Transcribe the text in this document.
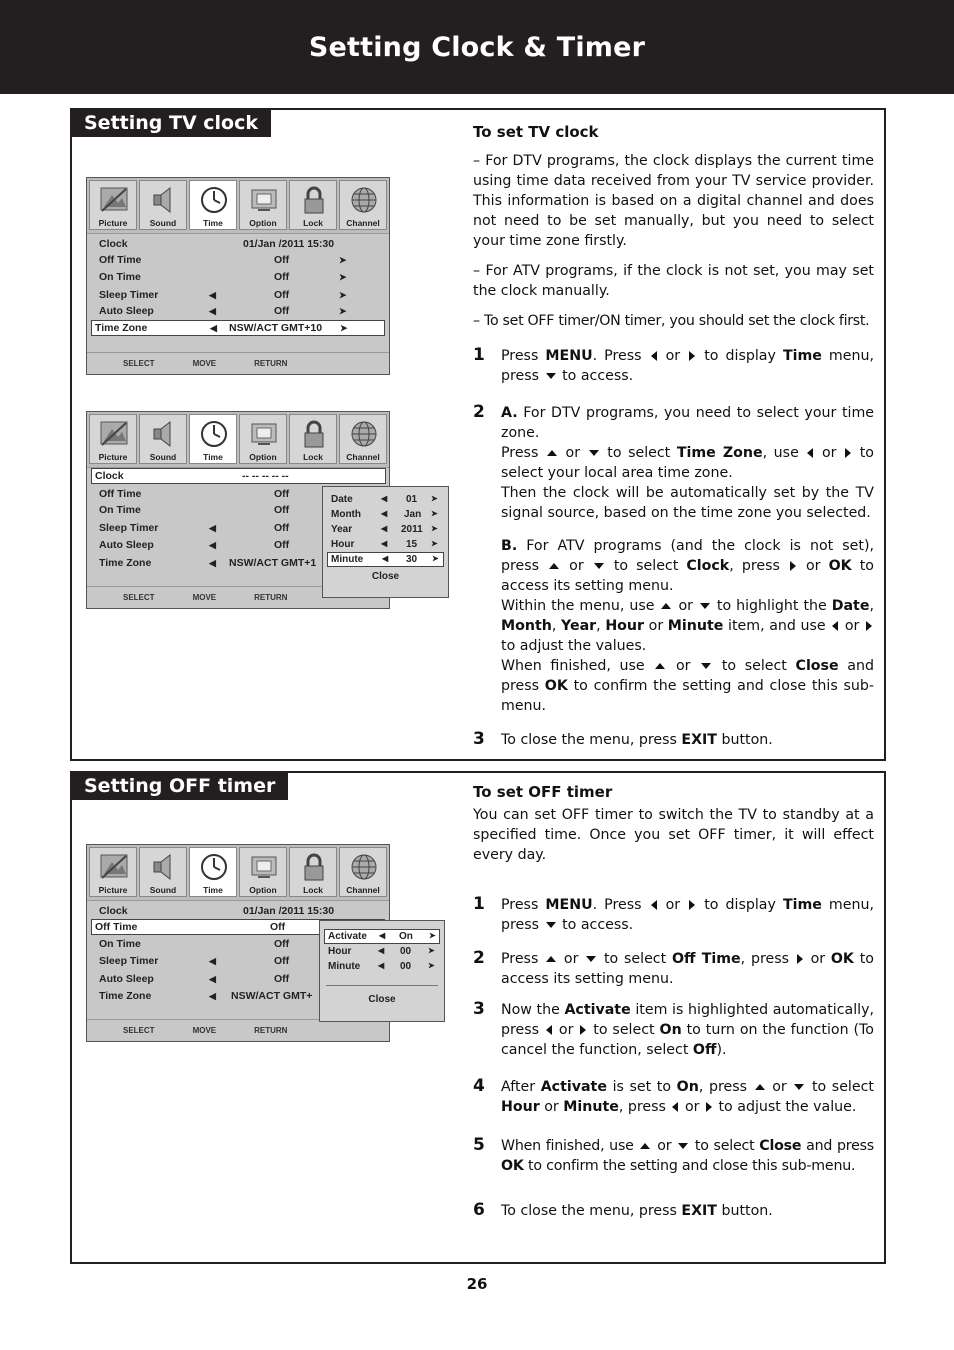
Setting Clock & Timer
Setting TV clock
Picture	Sound	Time	Option	Lock	Channel
Clock	01/Jan /2011 15:30
Off Time	Off	➤
On Time	Off	➤
Sleep Timer	◀	Off	➤
Auto Sleep	◀	Off	➤
Time Zone	◀ NSW/ACT GMT+10 ➤
SELECT	MOVE	RETURN
Picture	Sound	Time	Option	Lock	Channel
Clock	-- -- -- -- --
Off Time	Off
On Time	Off
Sleep Timer	◀	Off
Auto Sleep	◀	Off
Time Zone	◀ NSW/ACT GMT+1
SELECT	MOVE	RETURN
Date	◀ 01 ➤
Month	◀ Jan ➤
Year	◀ 2011 ➤
Hour	◀ 15 ➤
Minute ◀ 30 ➤
Close
To set TV clock
– For DTV programs, the clock displays the current time using time data received from your TV service provider. This information is based on a digital channel and does not need to be set manually, but you need to select your time zone firstly.
– For ATV programs, if the clock is not set, you may set the clock manually.
– To set OFF timer/ON timer, you should set the clock first.
1 Press MENU. Press  or  to display Time menu, press  to access.
2 A. For DTV programs, you need to select your time zone.
Press  or  to select Time Zone, use  or  to select your local area time zone.
Then the clock will be automatically set by the TV signal source, based on the time zone you selected.
B. For ATV programs (and the clock is not set), press  or  to select Clock, press  or OK to access its setting menu.
Within the menu, use  or  to highlight the Date, Month, Year, Hour or Minute item, and use  or  to adjust the values.
When finished, use  or  to select Close and press OK to confirm the setting and close this sub-menu.
3 To close the menu, press EXIT button.
Setting OFF timer
Picture	Sound	Time	Option	Lock	Channel
Clock	01/Jan /2011 15:30
Off Time	Off
On Time	Off
Sleep Timer	◀	Off
Auto Sleep	◀	Off
Time Zone	◀ NSW/ACT GMT+
SELECT	MOVE	RETURN
Activate ◀ On ➤
Hour	◀ 00 ➤
Minute ◀ 00 ➤
Close
To set OFF timer
You can set OFF timer to switch the TV to standby at a specified time. Once you set OFF timer, it will effect every day.
1 Press MENU. Press  or  to display Time menu, press  to access.
2 Press  or  to select Off Time, press  or OK to access its setting menu.
3 Now the Activate item is highlighted automatically, press  or  to select On to turn on the function (To cancel the function, select Off).
4 After Activate is set to On, press  or  to select Hour or Minute, press  or  to adjust the value.
5 When finished, use  or  to select Close and press OK to confirm the setting and close this sub-menu.
6 To close the menu, press EXIT button.
26
